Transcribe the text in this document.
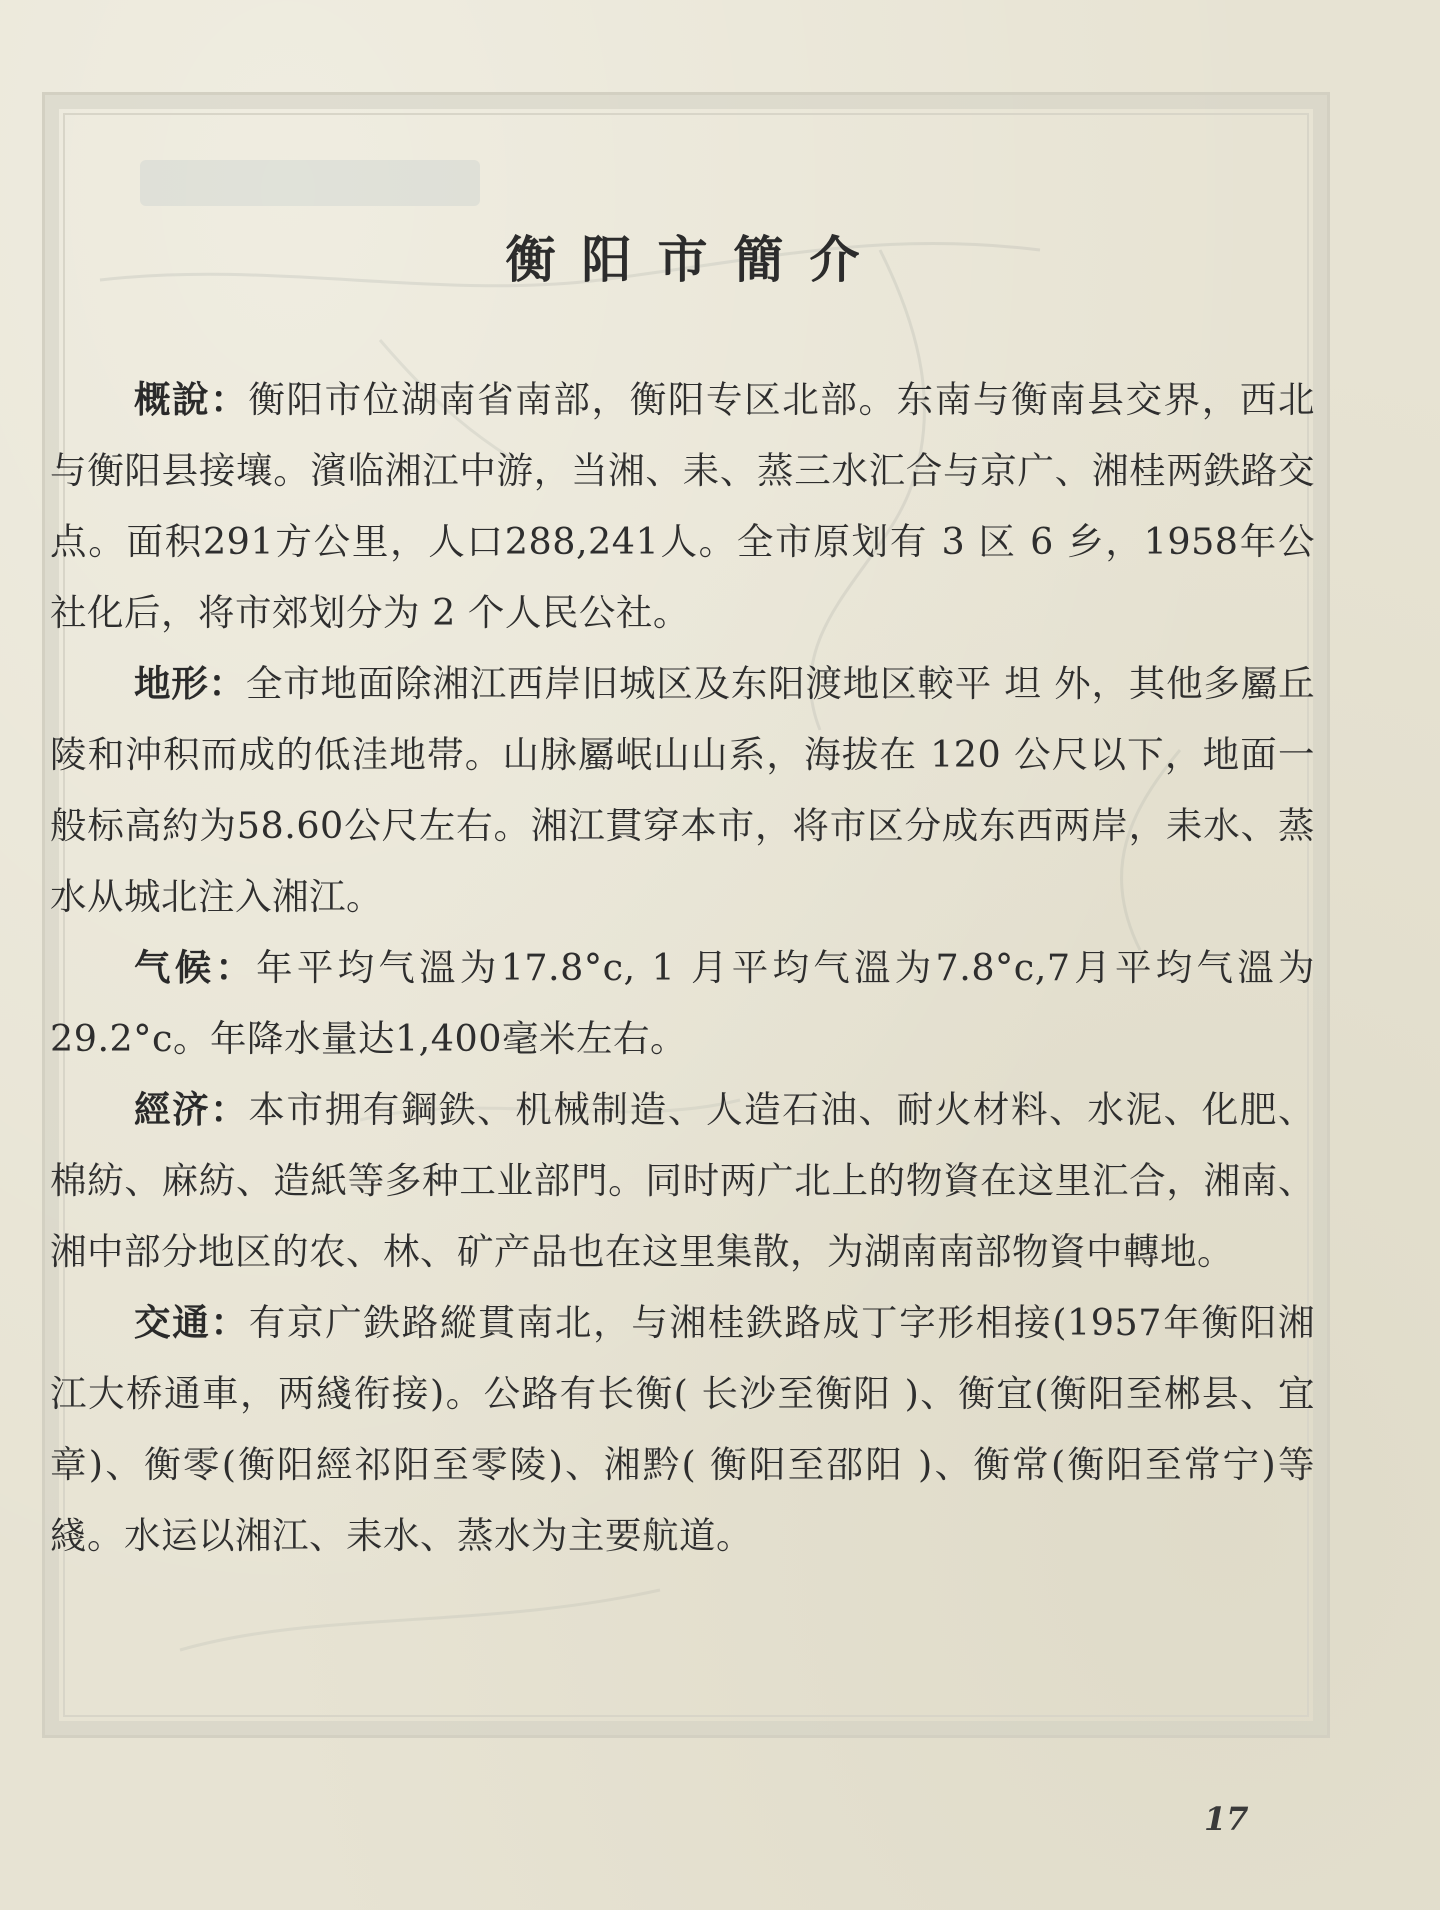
衡阳市簡介

概說：衡阳市位湖南省南部，衡阳专区北部。东南与衡南县交界，西北与衡阳县接壤。濱临湘江中游，当湘、耒、蒸三水汇合与京广、湘桂两鉄路交点。面积291方公里，人口288,241人。全市原划有 3 区 6 乡，1958年公社化后，将市郊划分为 2 个人民公社。

地形：全市地面除湘江西岸旧城区及东阳渡地区較平 坦 外，其他多屬丘陵和沖积而成的低洼地帯。山脉屬岷山山系，海拔在 120 公尺以下，地面一般标高約为58.60公尺左右。湘江貫穿本市，将市区分成东西两岸，耒水、蒸水从城北注入湘江。

气候：年平均气溫为17.8°c, 1 月平均气溫为7.8°c,7月平均气溫为29.2°c。年降水量达1,400毫米左右。

經济：本市拥有鋼鉄、机械制造、人造石油、耐火材料、水泥、化肥、棉紡、麻紡、造紙等多种工业部門。同时两广北上的物資在这里汇合，湘南、湘中部分地区的农、林、矿产品也在这里集散，为湖南南部物資中轉地。

交通：有京广鉄路縱貫南北，与湘桂鉄路成丁字形相接(1957年衡阳湘江大桥通車，两綫衔接)。公路有长衡( 长沙至衡阳 )、衡宜(衡阳至郴县、宜章)、衡零(衡阳經祁阳至零陵)、湘黔( 衡阳至邵阳 )、衡常(衡阳至常宁)等綫。水运以湘江、耒水、蒸水为主要航道。

17
